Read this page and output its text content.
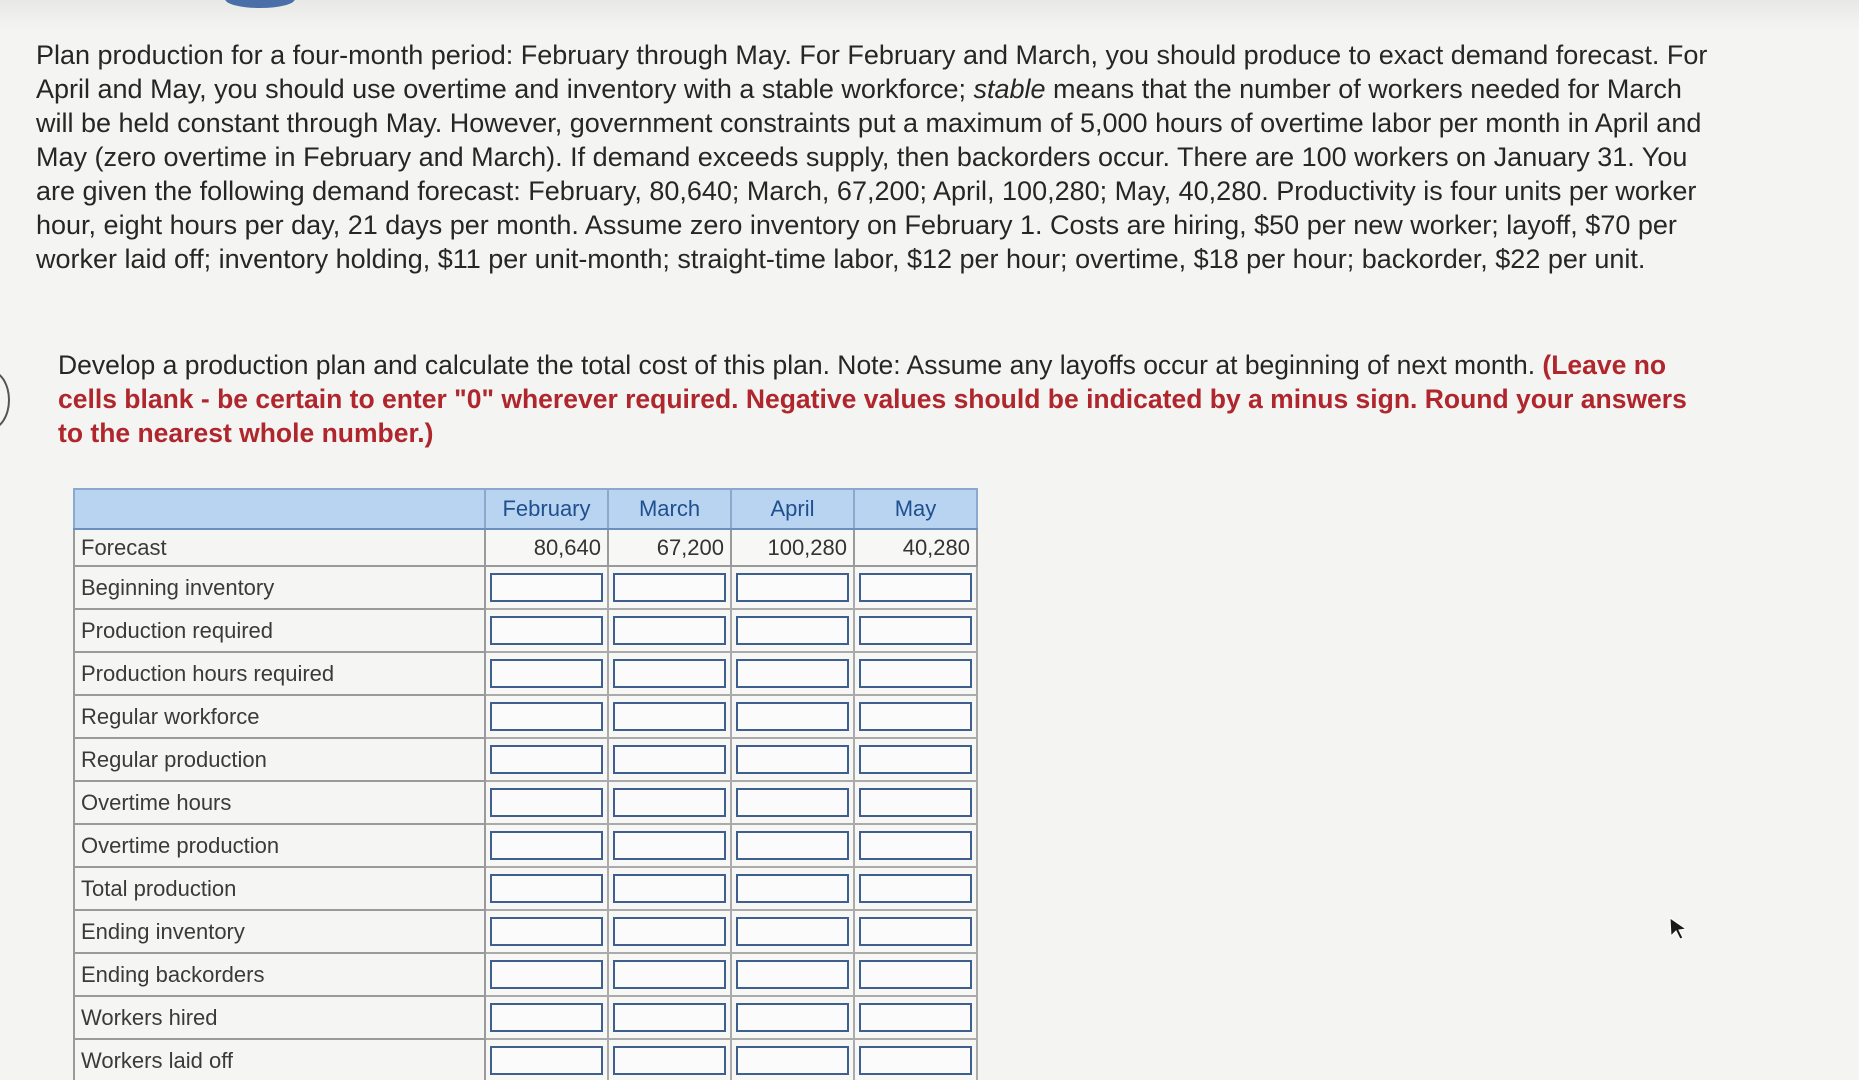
Plan production for a four-month period: February through May. For February and March, you should produce to exact demand forecast. For April and May, you should use overtime and inventory with a stable workforce; stable means that the number of workers needed for March will be held constant through May. However, government constraints put a maximum of 5,000 hours of overtime labor per month in April and May (zero overtime in February and March). If demand exceeds supply, then backorders occur. There are 100 workers on January 31. You are given the following demand forecast: February, 80,640; March, 67,200; April, 100,280; May, 40,280. Productivity is four units per worker hour, eight hours per day, 21 days per month. Assume zero inventory on February 1. Costs are hiring, $50 per new worker; layoff, $70 per worker laid off; inventory holding, $11 per unit-month; straight-time labor, $12 per hour; overtime, $18 per hour; backorder, $22 per unit.

Develop a production plan and calculate the total cost of this plan. Note: Assume any layoffs occur at beginning of next month. (Leave no cells blank - be certain to enter "0" wherever required. Negative values should be indicated by a minus sign. Round your answers to the nearest whole number.)

	February	March	April	May
Forecast	80,640	67,200	100,280	40,280
Beginning inventory				
Production required				
Production hours required				
Regular workforce				
Regular production				
Overtime hours				
Overtime production				
Total production				
Ending inventory				
Ending backorders				
Workers hired				
Workers laid off				
